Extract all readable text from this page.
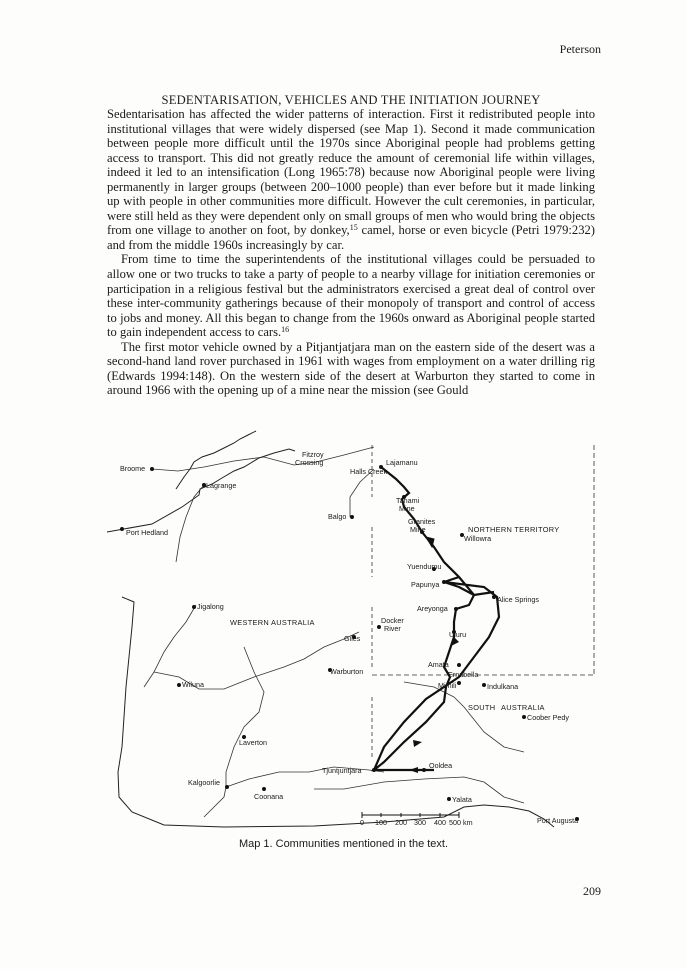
Peterson
SEDENTARISATION, VEHICLES AND THE INITIATION JOURNEY

Sedentarisation has affected the wider patterns of interaction. First it redistributed people into institutional villages that were widely dispersed (see Map 1). Second it made communication between people more difficult until the 1970s since Aboriginal people had problems getting access to transport. This did not greatly reduce the amount of ceremonial life within villages, indeed it led to an intensification (Long 1965:78) because now Aboriginal people were living permanently in larger groups (between 200–1000 people) than ever before but it made linking up with people in other communities more difficult. However the cult ceremonies, in particular, were still held as they were dependent only on small groups of men who would bring the objects from one village to another on foot, by donkey,$^{15}$ camel, horse or even bicycle (Petri 1979:232) and from the middle 1960s increasingly by car.

From time to time the superintendents of the institutional villages could be persuaded to allow one or two trucks to take a party of people to a nearby village for initiation ceremonies or participation in a religious festival but the administrators exercised a great deal of control over these inter-community gatherings because of their monopoly of transport and control of access to jobs and money. All this began to change from the 1960s onward as Aboriginal people started to gain independent access to cars.$^{16}$

The first motor vehicle owned by a Pitjantjatjara man on the eastern side of the desert was a second-hand land rover purchased in 1961 with wages from employment on a water drilling rig (Edwards 1994:148). On the western side of the desert at Warburton they started to come in around 1966 with the opening up of a mine near the mission (see Gould

Broome
Fitzroy
Crossing
Halls Creek
Lajamanu
Lagrange
Balgo
Tanami
Mine
Granites
Mine
Port Hedland	NORTHERN TERRITORY
Willowra
Yuendumu
Papunya
Alice Springs
Areyonga
Jigalong
Docker
River
WESTERN AUSTRALIA
Giles	Uluru
Warburton
Amata
Ernabella
Wiluna	Mimili	Indulkana
SOUTH AUSTRALIA
Coober Pedy
Laverton
Ooldea
Tjuntjuntjara
Kalgoorlie
Coonana	Yalata
Port Augusta
0 100 200 300 400 500 km
Map 1. Communities mentioned in the text.
209
